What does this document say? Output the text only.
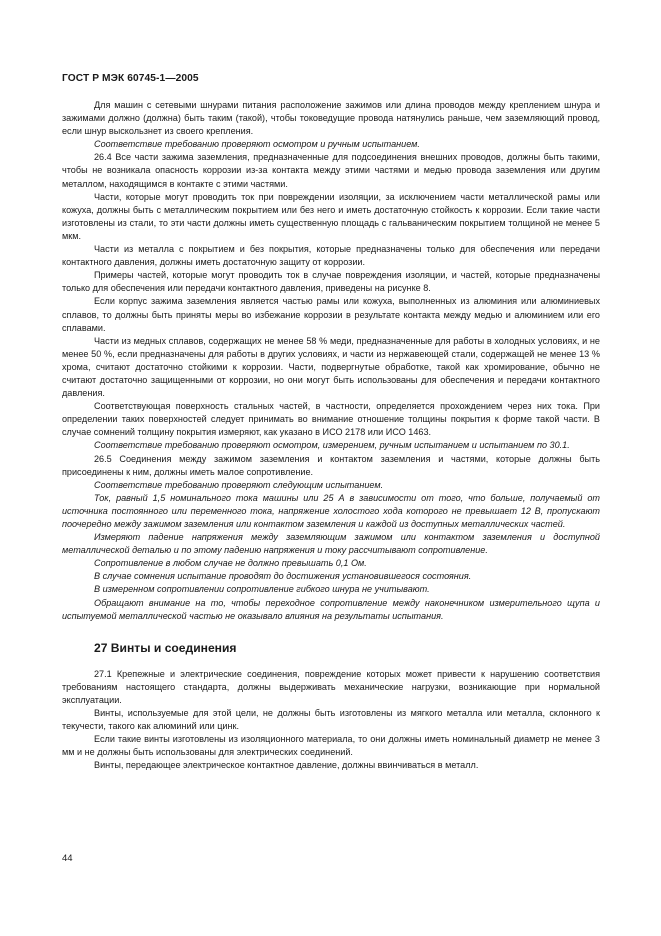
ГОСТ Р МЭК 60745-1—2005

Для машин с сетевыми шнурами питания расположение зажимов или длина проводов между креплением шнура и зажимами должно (должна) быть таким (такой), чтобы токоведущие провода натянулись раньше, чем заземляющий провод, если шнур выскользнет из своего крепления.

Соответствие требованию проверяют осмотром и ручным испытанием.

26.4 Все части зажима заземления, предназначенные для подсоединения внешних проводов, должны быть такими, чтобы не возникала опасность коррозии из-за контакта между этими частями и медью провода заземления или другим металлом, находящимся в контакте с этими частями.

Части, которые могут проводить ток при повреждении изоляции, за исключением части металлической рамы или кожуха, должны быть с металлическим покрытием или без него и иметь достаточную стойкость к коррозии. Если такие части изготовлены из стали, то эти части должны иметь существенную площадь с гальваническим покрытием толщиной не менее 5 мкм.

Части из металла с покрытием и без покрытия, которые предназначены только для обеспечения или передачи контактного давления, должны иметь достаточную защиту от коррозии.

Примеры частей, которые могут проводить ток в случае повреждения изоляции, и частей, которые предназначены только для обеспечения или передачи контактного давления, приведены на рисунке 8.

Если корпус зажима заземления является частью рамы или кожуха, выполненных из алюминия или алюминиевых сплавов, то должны быть приняты меры во избежание коррозии в результате контакта между медью и алюминием или его сплавами.

Части из медных сплавов, содержащих не менее 58 % меди, предназначенные для работы в холодных условиях, и не менее 50 %, если предназначены для работы в других условиях, и части из нержавеющей стали, содержащей не менее 13 % хрома, считают достаточно стойкими к коррозии. Части, подвергнутые обработке, такой как хромирование, обычно не считают достаточно защищенными от коррозии, но они могут быть использованы для обеспечения и передачи контактного давления.

Соответствующая поверхность стальных частей, в частности, определяется прохождением через них тока. При определении таких поверхностей следует принимать во внимание отношение толщины покрытия к форме такой части. В случае сомнений толщину покрытия измеряют, как указано в ИСО 2178 или ИСО 1463.

Соответствие требованию проверяют осмотром, измерением, ручным испытанием и испытанием по 30.1.

26.5 Соединения между зажимом заземления и контактом заземления и частями, которые должны быть присоединены к ним, должны иметь малое сопротивление.

Соответствие требованию проверяют следующим испытанием.

Ток, равный 1,5 номинального тока машины или 25 А в зависимости от того, что больше, получаемый от источника постоянного или переменного тока, напряжение холостого хода которого не превышает 12 В, пропускают поочередно между зажимом заземления или контактом заземления и каждой из доступных металлических частей.

Измеряют падение напряжения между заземляющим зажимом или контактом заземления и доступной металлической деталью и по этому падению напряжения и току рассчитывают сопротивление.

Сопротивление в любом случае не должно превышать 0,1 Ом.

В случае сомнения испытание проводят до достижения установившегося состояния.

В измеренном сопротивлении сопротивление гибкого шнура не учитывают.

Обращают внимание на то, чтобы переходное сопротивление между наконечником измерительного щупа и испытуемой металлической частью не оказывало влияния на результаты испытания.

27 Винты и соединения

27.1 Крепежные и электрические соединения, повреждение которых может привести к нарушению соответствия требованиям настоящего стандарта, должны выдерживать механические нагрузки, возникающие при нормальной эксплуатации.

Винты, используемые для этой цели, не должны быть изготовлены из мягкого металла или металла, склонного к текучести, такого как алюминий или цинк.

Если такие винты изготовлены из изоляционного материала, то они должны иметь номинальный диаметр не менее 3 мм и не должны быть использованы для электрических соединений.

Винты, передающее электрическое контактное давление, должны ввинчиваться в металл.

44
